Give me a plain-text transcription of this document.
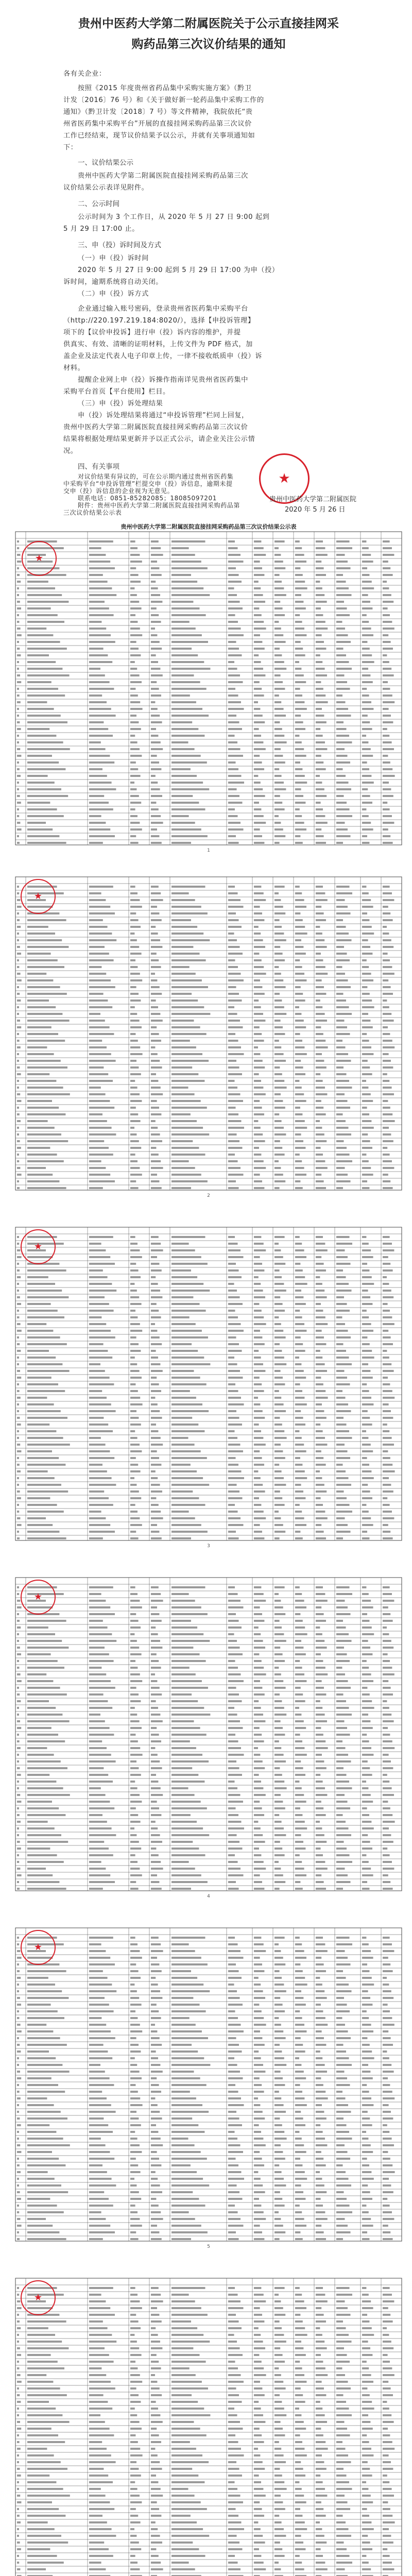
贵州中医药大学第二附属医院关于公示直接挂网采
购药品第三次议价结果的通知
各有关企业：
按照《2015 年度贵州省药品集中采购实施方案》（黔卫
计发〔2016〕76 号）和《关于做好新一轮药品集中采购工作的
通知》（黔卫计发〔2018〕7 号）等文件精神，我院依托“贵
州省医药集中采购平台”开展的直接挂网采购药品第三次议价
工作已经结束，现节议价结果予以公示，并就有关事项通知如
下：
一、议价结果公示
贵州中医药大学第二附属医院直接挂网采购药品第三次
议价结果公示表详见附件。
二、公示时间
公示时间为 3 个工作日，从 2020 年 5 月 27 日 9:00 起到
5 月 29 日 17:00 止。
三、申（投）诉时间及方式
（一）申（投）诉时间
2020 年 5 月 27 日 9:00 起到 5 月 29 日 17:00 为申（投）
诉时间，逾期系统将自动关闭。
（二）申（投）诉方式
企业通过输入账号密码，登录贵州省医药集中采购平台
（http://220.197.219.184:8020/），选择【申投诉管理】
项下的【议价申投诉】进行申（投）诉内容的维护，并提
供真实、有效、清晰的证明材料，上传文件为 PDF 格式，加
盖企业及法定代表人电子印章上传，一律不接收纸质申（投）诉
材料。
提醒企业网上申（投）诉操作指南详见贵州省医药集中
采购平台首页【平台使用】栏目。
（三）申（投）诉处理结果
申（投）诉处理结果将通过“申投诉管理”栏同上回复，
贵州中医药大学第二附属医院直接挂网采购药品第三次议价
结果将根据处理结果更新并予以正式公示，请企业关注公示情
况。
四、有关事项
对议价结果有异议的，可在公示期内通过贵州省医药集
中采购平台“申投诉管理”栏提交申（投）诉信息，逾期未提
交申（投）诉信息的企业视为无意见。
联系电话：0851-85282085；18085097201
附件：贵州中医药大学第二附属医院直接挂网采购药品第
三次议价结果公示表
★
贵州中医药大学第二附属医院
2020 年 5 月 26 日
贵州中医药大学第二附属医院直接挂网采购药品第三次议价结果公示表
★
1
★
2
★
3
★
4
★
5
★
